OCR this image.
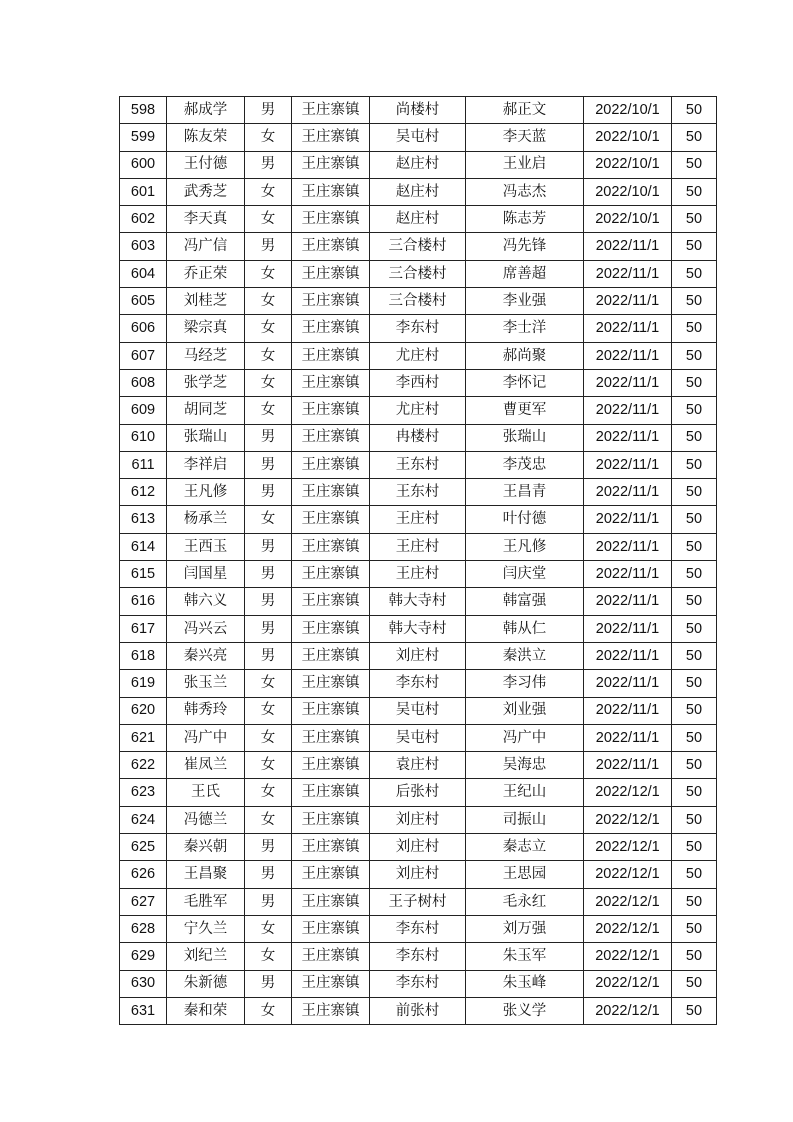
598	郝成学	男	王庄寨镇	尚楼村	郝正文	2022/10/1	50
599	陈友荣	女	王庄寨镇	吴屯村	李天蓝	2022/10/1	50
600	王付德	男	王庄寨镇	赵庄村	王业启	2022/10/1	50
601	武秀芝	女	王庄寨镇	赵庄村	冯志杰	2022/10/1	50
602	李天真	女	王庄寨镇	赵庄村	陈志芳	2022/10/1	50
603	冯广信	男	王庄寨镇	三合楼村	冯先锋	2022/11/1	50
604	乔正荣	女	王庄寨镇	三合楼村	席善超	2022/11/1	50
605	刘桂芝	女	王庄寨镇	三合楼村	李业强	2022/11/1	50
606	梁宗真	女	王庄寨镇	李东村	李士洋	2022/11/1	50
607	马经芝	女	王庄寨镇	尤庄村	郝尚聚	2022/11/1	50
608	张学芝	女	王庄寨镇	李西村	李怀记	2022/11/1	50
609	胡同芝	女	王庄寨镇	尤庄村	曹更军	2022/11/1	50
610	张瑞山	男	王庄寨镇	冉楼村	张瑞山	2022/11/1	50
611	李祥启	男	王庄寨镇	王东村	李茂忠	2022/11/1	50
612	王凡修	男	王庄寨镇	王东村	王昌青	2022/11/1	50
613	杨承兰	女	王庄寨镇	王庄村	叶付德	2022/11/1	50
614	王西玉	男	王庄寨镇	王庄村	王凡修	2022/11/1	50
615	闫国星	男	王庄寨镇	王庄村	闫庆堂	2022/11/1	50
616	韩六义	男	王庄寨镇	韩大寺村	韩富强	2022/11/1	50
617	冯兴云	男	王庄寨镇	韩大寺村	韩从仁	2022/11/1	50
618	秦兴亮	男	王庄寨镇	刘庄村	秦洪立	2022/11/1	50
619	张玉兰	女	王庄寨镇	李东村	李习伟	2022/11/1	50
620	韩秀玲	女	王庄寨镇	吴屯村	刘业强	2022/11/1	50
621	冯广中	女	王庄寨镇	吴屯村	冯广中	2022/11/1	50
622	崔凤兰	女	王庄寨镇	袁庄村	吴海忠	2022/11/1	50
623	王氏	女	王庄寨镇	后张村	王纪山	2022/12/1	50
624	冯德兰	女	王庄寨镇	刘庄村	司振山	2022/12/1	50
625	秦兴朝	男	王庄寨镇	刘庄村	秦志立	2022/12/1	50
626	王昌聚	男	王庄寨镇	刘庄村	王思园	2022/12/1	50
627	毛胜军	男	王庄寨镇	王子树村	毛永红	2022/12/1	50
628	宁久兰	女	王庄寨镇	李东村	刘万强	2022/12/1	50
629	刘纪兰	女	王庄寨镇	李东村	朱玉军	2022/12/1	50
630	朱新德	男	王庄寨镇	李东村	朱玉峰	2022/12/1	50
631	秦和荣	女	王庄寨镇	前张村	张义学	2022/12/1	50
